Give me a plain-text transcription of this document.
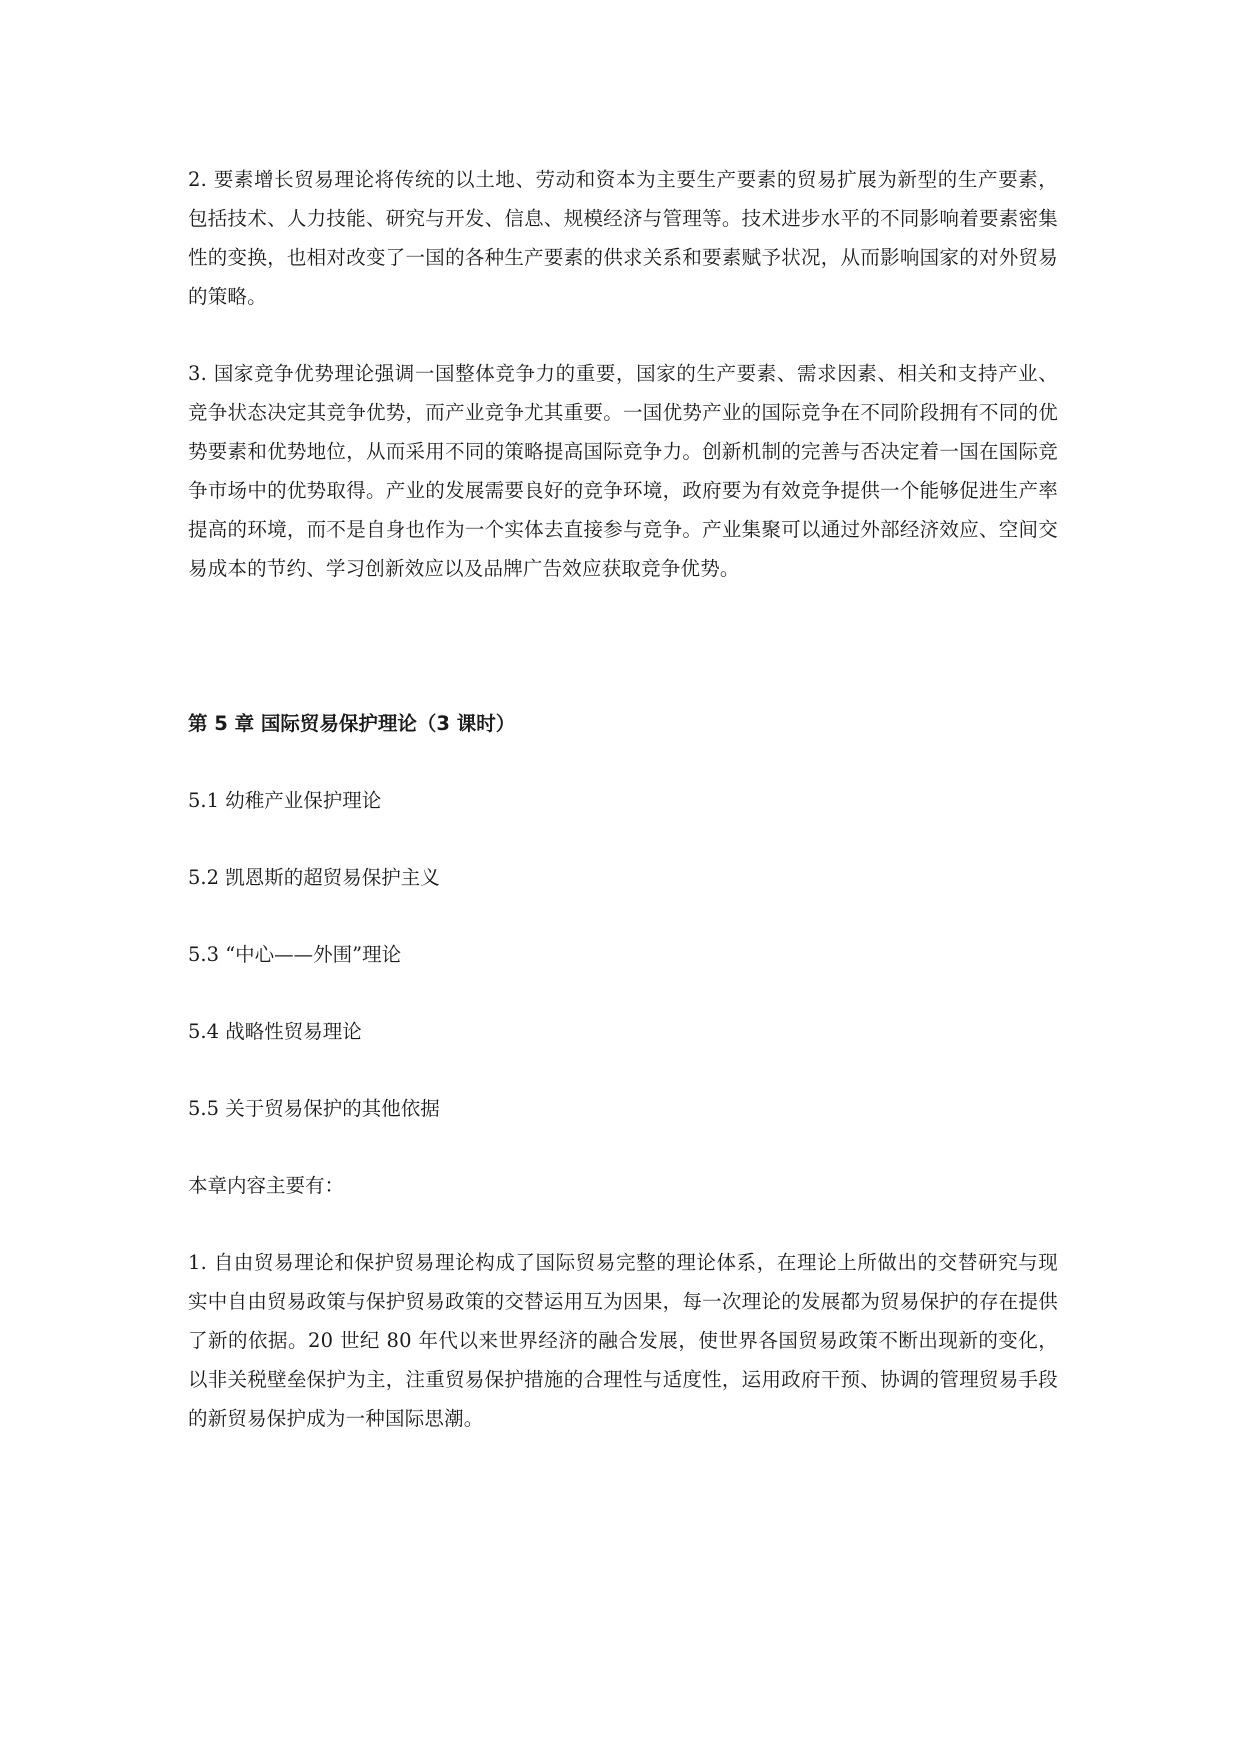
2. 要素增长贸易理论将传统的以土地、劳动和资本为主要生产要素的贸易扩展为新型的生产要素，包括技术、人力技能、研究与开发、信息、规模经济与管理等。技术进步水平的不同影响着要素密集性的变换，也相对改变了一国的各种生产要素的供求关系和要素赋予状况，从而影响国家的对外贸易的策略。

3. 国家竞争优势理论强调一国整体竞争力的重要，国家的生产要素、需求因素、相关和支持产业、竞争状态决定其竞争优势，而产业竞争尤其重要。一国优势产业的国际竞争在不同阶段拥有不同的优势要素和优势地位，从而采用不同的策略提高国际竞争力。创新机制的完善与否决定着一国在国际竞争市场中的优势取得。产业的发展需要良好的竞争环境，政府要为有效竞争提供一个能够促进生产率提高的环境，而不是自身也作为一个实体去直接参与竞争。产业集聚可以通过外部经济效应、空间交易成本的节约、学习创新效应以及品牌广告效应获取竞争优势。

第 5 章 国际贸易保护理论（3 课时）
5.1 幼稚产业保护理论
5.2 凯恩斯的超贸易保护主义
5.3 “中心——外围”理论
5.4 战略性贸易理论
5.5 关于贸易保护的其他依据

本章内容主要有：

1. 自由贸易理论和保护贸易理论构成了国际贸易完整的理论体系，在理论上所做出的交替研究与现实中自由贸易政策与保护贸易政策的交替运用互为因果，每一次理论的发展都为贸易保护的存在提供了新的依据。20 世纪 80 年代以来世界经济的融合发展，使世界各国贸易政策不断出现新的变化，以非关税壁垒保护为主，注重贸易保护措施的合理性与适度性，运用政府干预、协调的管理贸易手段的新贸易保护成为一种国际思潮。
